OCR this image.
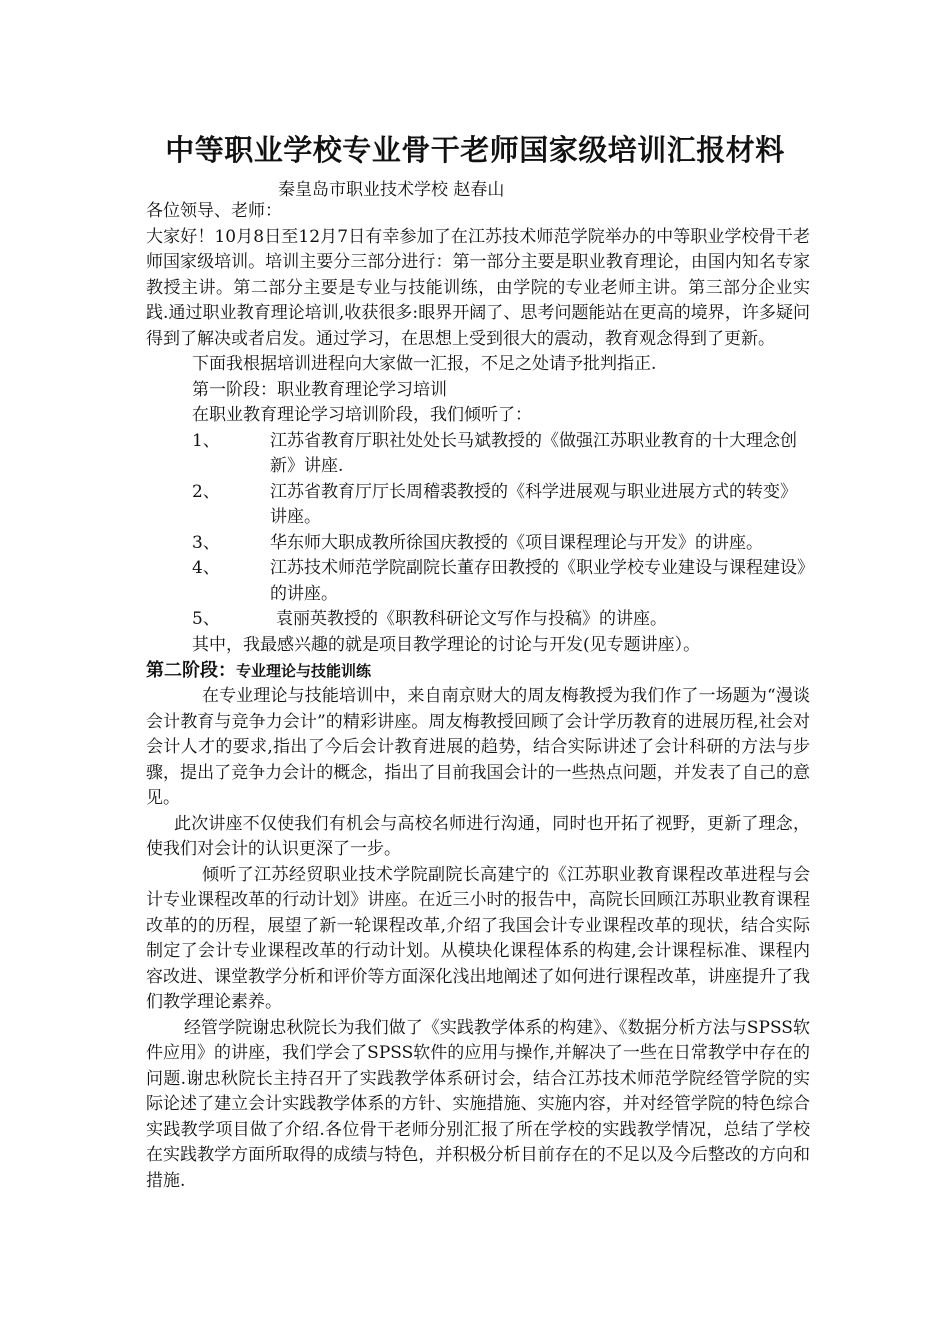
中等职业学校专业骨干老师国家级培训汇报材料

秦皇岛市职业技术学校 赵春山

各位领导、老师：

大家好！10月8日至12月7日有幸参加了在江苏技术师范学院举办的中等职业学校骨干老师国家级培训。培训主要分三部分进行：第一部分主要是职业教育理论，由国内知名专家教授主讲。第二部分主要是专业与技能训练，由学院的专业老师主讲。第三部分企业实践.通过职业教育理论培训,收获很多:眼界开阔了、思考问题能站在更高的境界，许多疑问得到了解决或者启发。通过学习，在思想上受到很大的震动，教育观念得到了更新。

下面我根据培训进程向大家做一汇报，不足之处请予批判指正.

第一阶段：职业教育理论学习培训

在职业教育理论学习培训阶段，我们倾听了：

1、	江苏省教育厅职社处处长马斌教授的《做强江苏职业教育的十大理念创新》讲座.
2、	江苏省教育厅厅长周稽裘教授的《科学进展观与职业进展方式的转变》讲座。
3、	华东师大职成教所徐国庆教授的《项目课程理论与开发》的讲座。
4、	江苏技术师范学院副院长董存田教授的《职业学校专业建设与课程建设》的讲座。
5、	袁丽英教授的《职教科研论文写作与投稿》的讲座。

其中，我最感兴趣的就是项目教学理论的讨论与开发(见专题讲座）。

第二阶段：专业理论与技能训练

在专业理论与技能培训中，来自南京财大的周友梅教授为我们作了一场题为“漫谈会计教育与竞争力会计”的精彩讲座。周友梅教授回顾了会计学历教育的进展历程,社会对会计人才的要求,指出了今后会计教育进展的趋势，结合实际讲述了会计科研的方法与步骤，提出了竞争力会计的概念，指出了目前我国会计的一些热点问题，并发表了自己的意见。

此次讲座不仅使我们有机会与高校名师进行沟通，同时也开拓了视野，更新了理念，使我们对会计的认识更深了一步。

倾听了江苏经贸职业技术学院副院长高建宁的《江苏职业教育课程改革进程与会计专业课程改革的行动计划》讲座。在近三小时的报告中，高院长回顾江苏职业教育课程改革的的历程，展望了新一轮课程改革,介绍了我国会计专业课程改革的现状，结合实际制定了会计专业课程改革的行动计划。从模块化课程体系的构建,会计课程标准、课程内容改进、课堂教学分析和评价等方面深化浅出地阐述了如何进行课程改革，讲座提升了我们教学理论素养。

经管学院谢忠秋院长为我们做了《实践教学体系的构建》、《数据分析方法与SPSS软件应用》的讲座，我们学会了SPSS软件的应用与操作,并解决了一些在日常教学中存在的问题.谢忠秋院长主持召开了实践教学体系研讨会，结合江苏技术师范学院经管学院的实际论述了建立会计实践教学体系的方针、实施措施、实施内容，并对经管学院的特色综合实践教学项目做了介绍.各位骨干老师分别汇报了所在学校的实践教学情况，总结了学校在实践教学方面所取得的成绩与特色，并积极分析目前存在的不足以及今后整改的方向和措施.
